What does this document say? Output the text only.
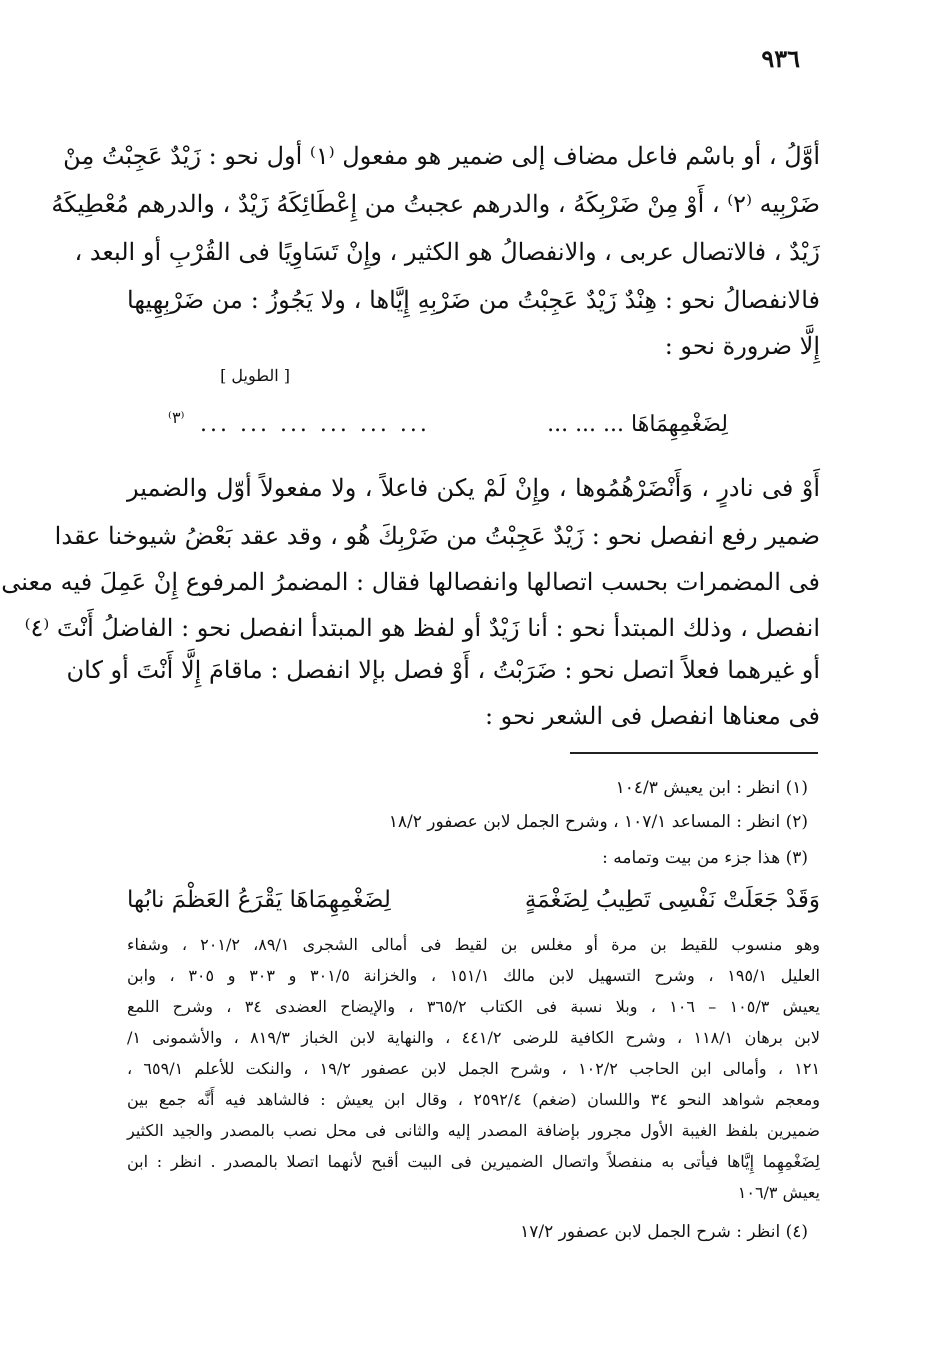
٩٣٦
أوَّلُ ، أو باسْم فاعل مضاف إلى ضمير هو مفعول ⁽١⁾ أول نحو : زَيْدٌ عَجِبْتُ مِنْ
ضَرْبِيه ⁽٢⁾ ، أَوْ مِنْ ضَرْبِكَهُ ، والدرهم عجبتُ من إِعْطَائِكَهُ زَيْدٌ ، والدرهم مُعْطِيكَهُ
زَيْدٌ ، فالاتصال عربى ، والانفصالُ هو الكثير ، وإِنْ تَسَاوِيًا فى القُرْبِ أو البعد ،
فالانفصالُ نحو : هِنْدٌ زَيْدٌ عَجِبْتُ من ضَرْبِهِ إِيَّاها ، ولا يَجُوزُ : من ضَرْبِهِيها
إِلَّا ضرورة نحو :
[ الطويل ]
لِضَغْمِهِمَاهَا ... ... ...
... ... ... ... ... ...
⁽٣⁾
أَوْ فى نادرٍ ، وَأَنْضَرْهُمُوها ، وإِنْ لَمْ يكن فاعلاً ، ولا مفعولاً أوّل والضمير
ضمير رفع انفصل نحو : زَيْدٌ عَجِبْتُ من ضَرْبِكَ هُو ، وقد عقد بَعْضُ شيوخنا عقدا
فى المضمرات بحسب اتصالها وانفصالها فقال : المضمرُ المرفوع إِنْ عَمِلَ فيه معنى
انفصل ، وذلك المبتدأ نحو : أنا زَيْدٌ أو لفظ هو المبتدأ انفصل نحو : الفاضلُ أَنْتَ ⁽٤⁾
أو غيرهما فعلاً اتصل نحو : ضَرَبْتُ ، أَوْ فصل بإلا انفصل : ماقامَ إِلَّا أَنْتَ أو كان
فى معناها انفصل فى الشعر نحو :
(١) انظر : ابن يعيش ١٠٤/٣
(٢) انظر : المساعد ١٠٧/١ ، وشرح الجمل لابن عصفور ١٨/٢
(٣) هذا جزء من بيت وتمامه :
وَقَدْ جَعَلَتْ نَفْسِى تَطِيبُ لِضَغْمَةٍ
لِضَغْمِهِمَاهَا يَقْرَعُ العَظْمَ نابُها
وهو منسوب للقيط بن مرة أو مغلس بن لقيط فى أمالى الشجرى ٨٩/١، ٢٠١/٢ ، وشفاء
العليل ١٩٥/١ ، وشرح التسهيل لابن مالك ١٥١/١ ، والخزانة ٣٠١/٥ و ٣٠٣ و ٣٠٥ ، وابن
يعيش ١٠٥/٣ – ١٠٦ ، وبلا نسبة فى الكتاب ٣٦٥/٢ ، والإيضاح العضدى ٣٤ ، وشرح اللمع
لابن برهان ١١٨/١ ، وشرح الكافية للرضى ٤٤١/٢ ، والنهاية لابن الخباز ٨١٩/٣ ، والأشمونى ١/
١٢١ ، وأمالى ابن الحاجب ١٠٢/٢ ، وشرح الجمل لابن عصفور ١٩/٢ ، والنكت للأعلم ٦٥٩/١ ،
ومعجم شواهد النحو ٣٤ واللسان (ضغم) ٢٥٩٢/٤ ، وقال ابن يعيش : فالشاهد فيه أَنَّه جمع بين
ضميرين بلفظ الغيبة الأول مجرور بإضافة المصدر إليه والثانى فى محل نصب بالمصدر والجيد الكثير
لِضَغْمِهِما إِيَّاها فيأتى به منفصلاً واتصال الضميرين فى البيت أقبح لأنهما اتصلا بالمصدر . انظر : ابن
يعيش ١٠٦/٣
(٤) انظر : شرح الجمل لابن عصفور ١٧/٢
